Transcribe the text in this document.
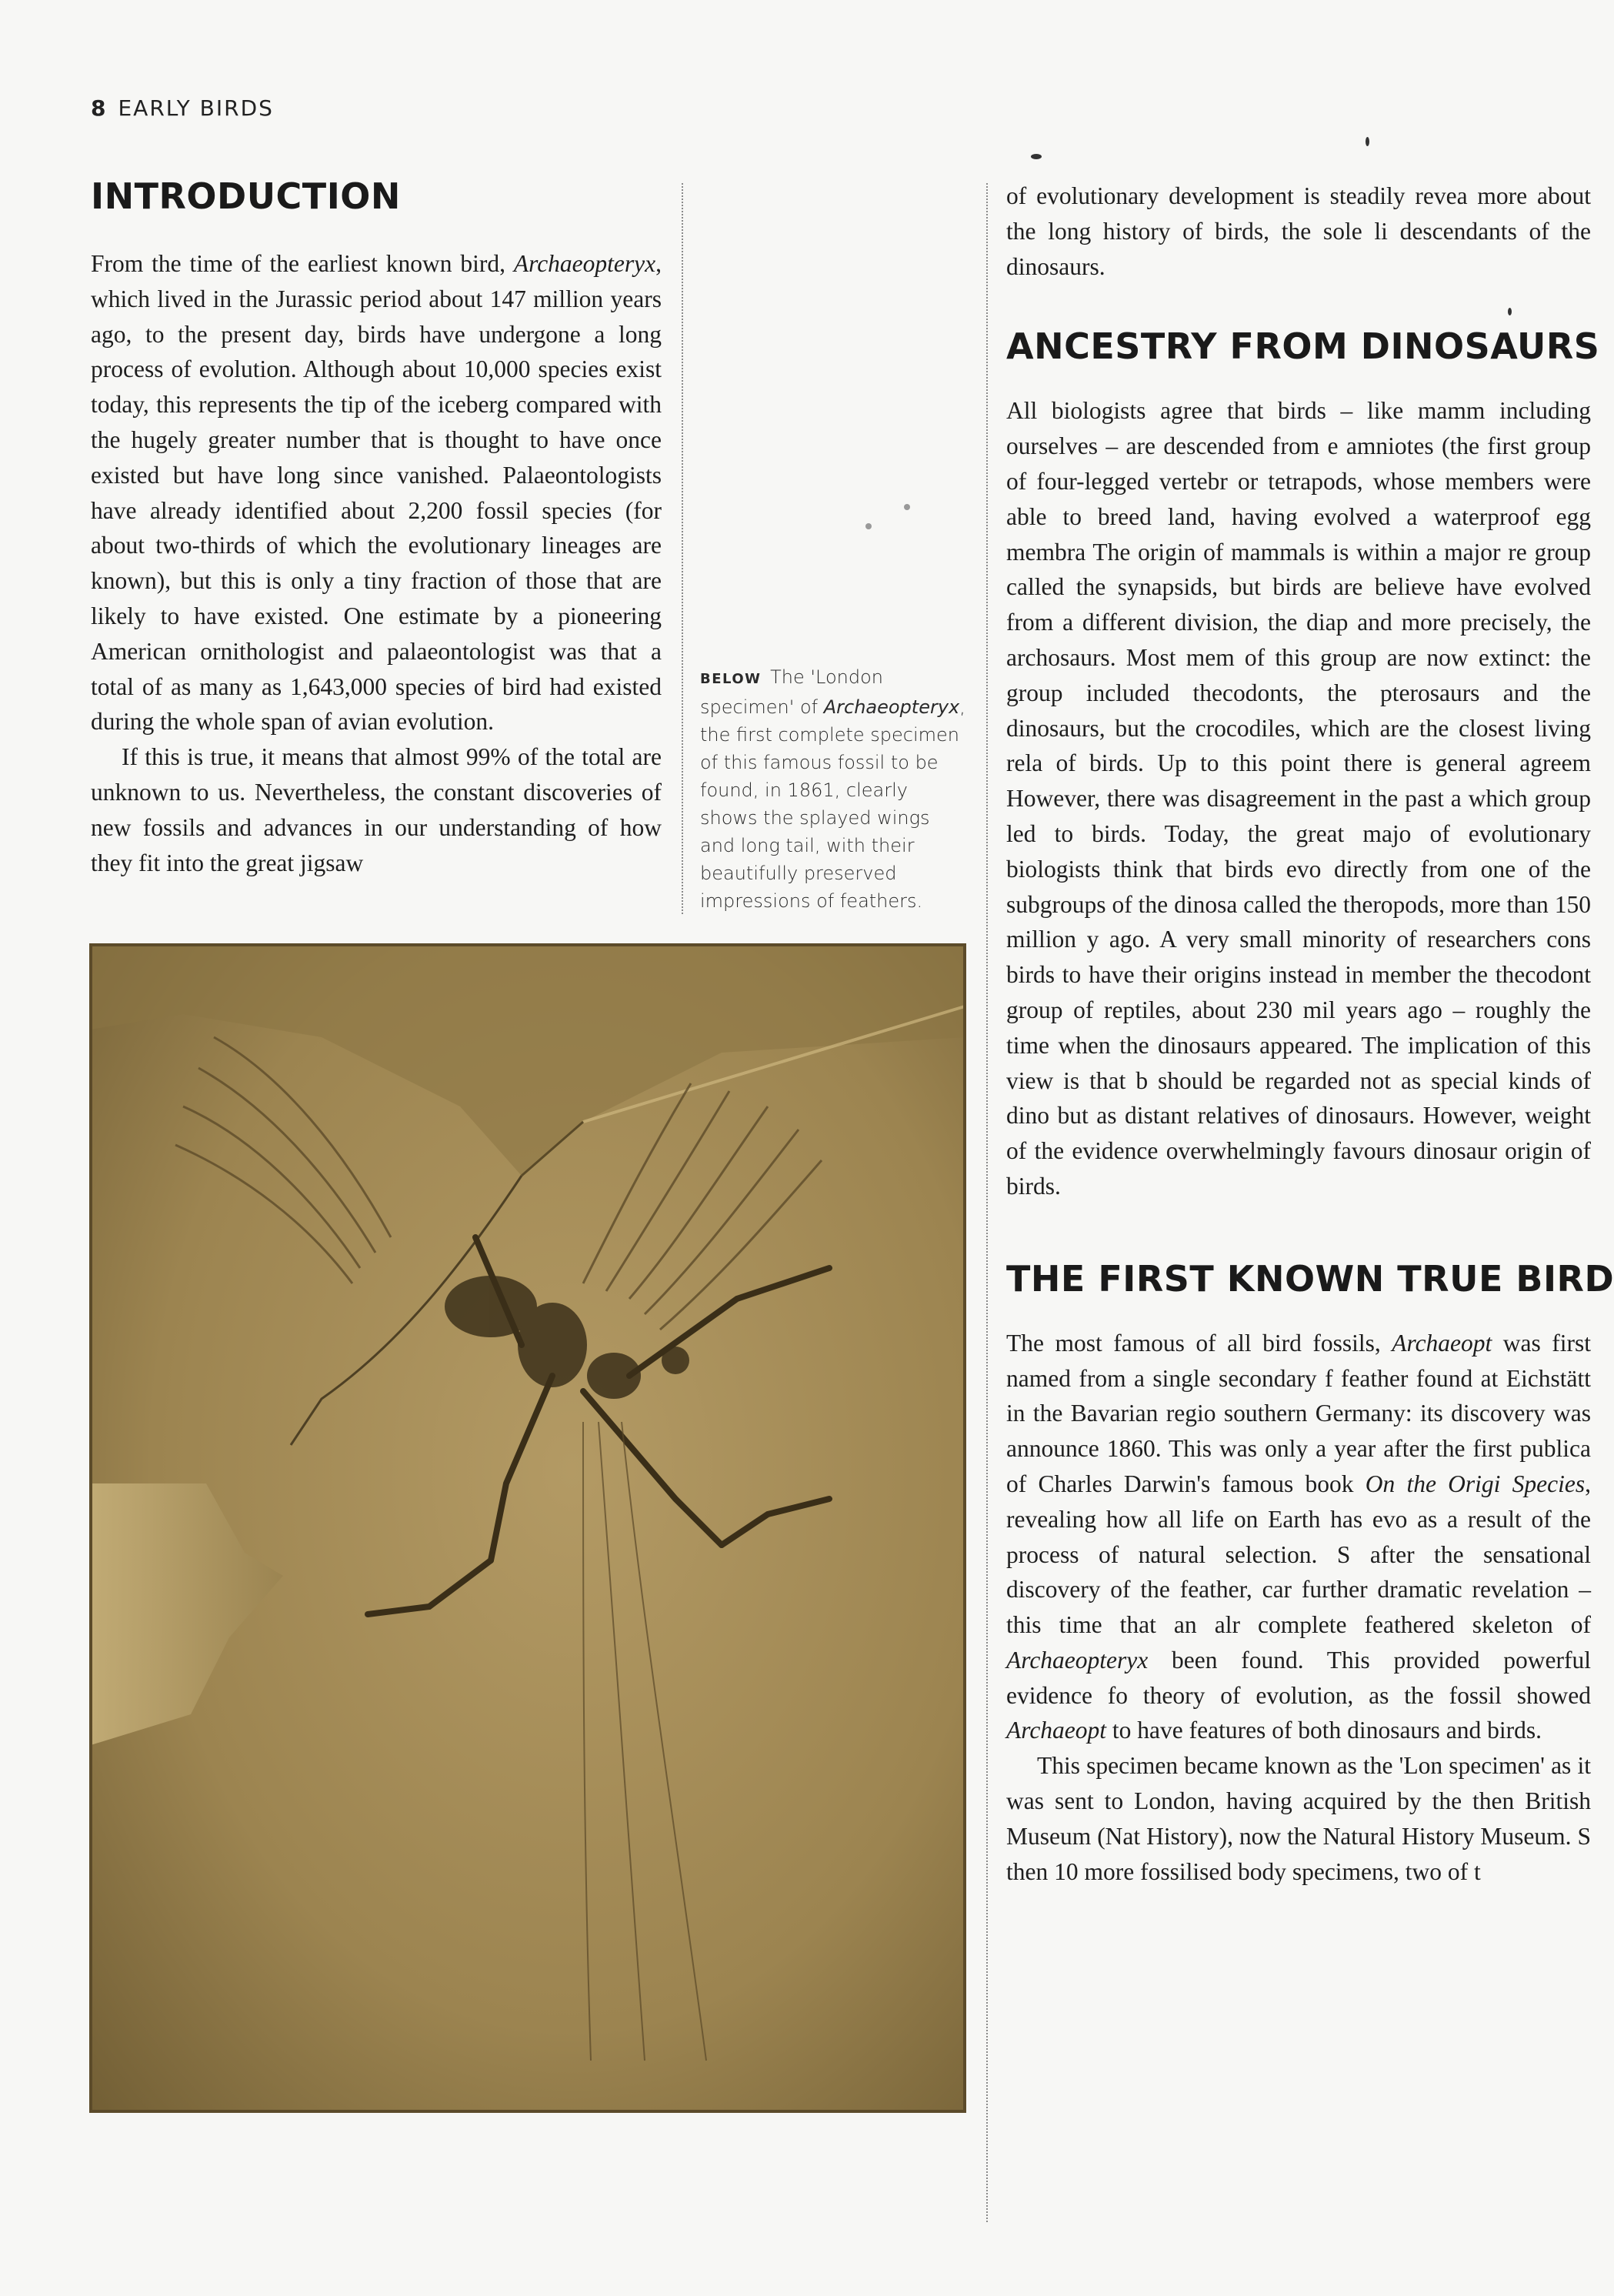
8 EARLY BIRDS
INTRODUCTION

From the time of the earliest known bird, Archaeopteryx, which lived in the Jurassic period about 147 million years ago, to the present day, birds have undergone a long process of evolution. Although about 10,000 species exist today, this represents the tip of the iceberg compared with the hugely greater number that is thought to have once existed but have long since vanished. Palaeontologists have already identified about 2,200 fossil species (for about two-thirds of which the evolutionary lineages are known), but this is only a tiny fraction of those that are likely to have existed. One estimate by a pioneering American ornithologist and palaeontologist was that a total of as many as 1,643,000 species of bird had existed during the whole span of avian evolution.

If this is true, it means that almost 99% of the total are unknown to us. Nevertheless, the constant discoveries of new fossils and advances in our understanding of how they fit into the great jigsaw

BELOW The 'London specimen' of Archaeopteryx, the first complete specimen of this famous fossil to be found, in 1861, clearly shows the splayed wings and long tail, with their beautifully preserved impressions of feathers.

of evolutionary development is steadily revea more about the long history of birds, the sole li descendants of the dinosaurs.

ANCESTRY FROM DINOSAURS

All biologists agree that birds – like mamm including ourselves – are descended from e amniotes (the first group of four-legged vertebr or tetrapods, whose members were able to breed land, having evolved a waterproof egg membra The origin of mammals is within a major re group called the synapsids, but birds are believe have evolved from a different division, the diap and more precisely, the archosaurs. Most mem of this group are now extinct: the group included thecodonts, the pterosaurs and the dinosaurs, but the crocodiles, which are the closest living rela of birds. Up to this point there is general agreem However, there was disagreement in the past a which group led to birds. Today, the great majo of evolutionary biologists think that birds evo directly from one of the subgroups of the dinosa called the theropods, more than 150 million y ago. A very small minority of researchers cons birds to have their origins instead in member the thecodont group of reptiles, about 230 mil years ago – roughly the time when the dinosaurs appeared. The implication of this view is that b should be regarded not as special kinds of dino but as distant relatives of dinosaurs. However, weight of the evidence overwhelmingly favours dinosaur origin of birds.

THE FIRST KNOWN TRUE BIRD

The most famous of all bird fossils, Archaeopt was first named from a single secondary f feather found at Eichstätt in the Bavarian regio southern Germany: its discovery was announce 1860. This was only a year after the first publica of Charles Darwin's famous book On the Origi Species, revealing how all life on Earth has evo as a result of the process of natural selection. S after the sensational discovery of the feather, car further dramatic revelation – this time that an alr complete feathered skeleton of Archaeopteryx been found. This provided powerful evidence fo theory of evolution, as the fossil showed Archaeopt to have features of both dinosaurs and birds.

This specimen became known as the 'Lon specimen' as it was sent to London, having acquired by the then British Museum (Nat History), now the Natural History Museum. S then 10 more fossilised body specimens, two of t
